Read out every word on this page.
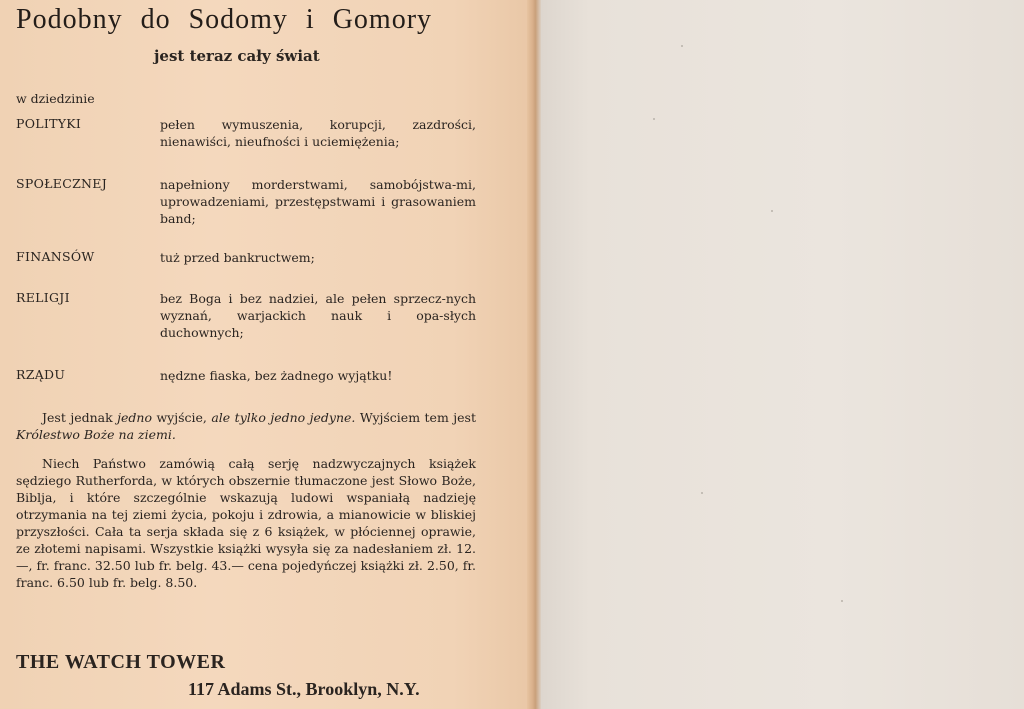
Podobny do Sodomy i Gomory
jest teraz cały świat
w dziedzinie
POLITYKI	pełen wymuszenia, korupcji, zazdrości, nienawiści, nieufności i uciemiężenia;
SPOŁECZNEJ	napełniony morderstwami, samobójstwa-mi, uprowadzeniami, przestępstwami i grasowaniem band;
FINANSÓW	tuż przed bankructwem;
RELIGJI	bez Boga i bez nadziei, ale pełen sprzecz-nych wyznań, warjackich nauk i opa-słych duchownych;
RZĄDU	nędzne fiaska, bez żadnego wyjątku!
Jest jednak jedno wyjście, ale tylko jedno jedyne. Wyjściem tem jest Królestwo Boże na ziemi.
Niech Państwo zamówią całą serję nadzwyczajnych książek sędziego Rutherforda, w których obszernie tłumaczone jest Słowo Boże, Biblja, i które szczególnie wskazują ludowi wspaniałą nadzieję otrzymania na tej ziemi życia, pokoju i zdrowia, a mianowicie w bliskiej przyszłości. Cała ta serja składa się z 6 książek, w płóciennej oprawie, ze złotemi napisami. Wszystkie książki wysyła się za nadesłaniem zł. 12.—, fr. franc. 32.50 lub fr. belg. 43.— cena pojedyńczej książki zł. 2.50, fr. franc. 6.50 lub fr. belg. 8.50.
THE WATCH TOWER
117 Adams St., Brooklyn, N.Y.
